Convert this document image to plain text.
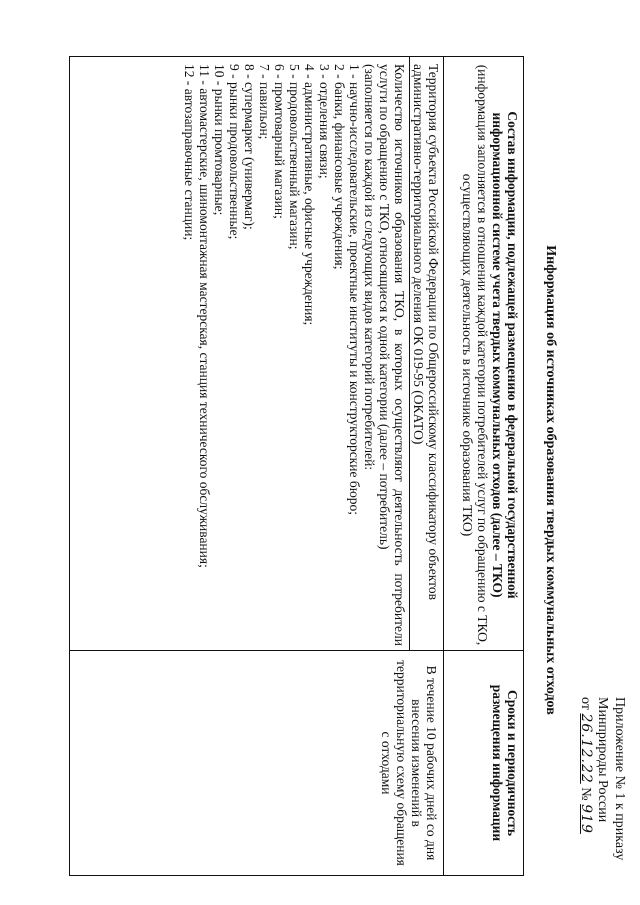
Приложение № 1 к приказу
Минприроды России
от 26.12.22 № 919
Информация об источниках образования твердых коммунальных отходов
Состав информации, подлежащей размещению в федеральной государственной информационной системе учета твердых коммунальных отходов (далее – ТКО)
(информация заполняется в отношении каждой категории потребителей услуг по обращению с ТКО, осуществляющих деятельность в источнике образования ТКО)
Сроки и периодичность размещения информации
Территория субъекта Российской Федерации по Общероссийскому классификатору объектов административно-территориального деления ОК 019-95 (ОКАТО)
Количество источников образования ТКО, в которых осуществляют деятельность потребители услуги по обращению с ТКО, относящиеся к одной категории (далее – потребитель)
(заполняется по каждой из следующих видов категорий потребителей:
1 - научно-исследовательские, проектные институты и конструкторские бюро;
2 - банки, финансовые учреждения;
3 - отделения связи;
4 - административные, офисные учреждения;
5 - продовольственный магазин;
6 - промтоварный магазин;
7 - павильон;
8 - супермаркет (универмаг);
9 - рынки продовольственные;
10 - рынки промтоварные;
11 - автомастерские, шиномонтажная мастерская, станция технического обслуживания;
12 - автозаправочные станции;
В течение 10 рабочих дней со дня внесения изменений в территориальную схему обращения с отходами
